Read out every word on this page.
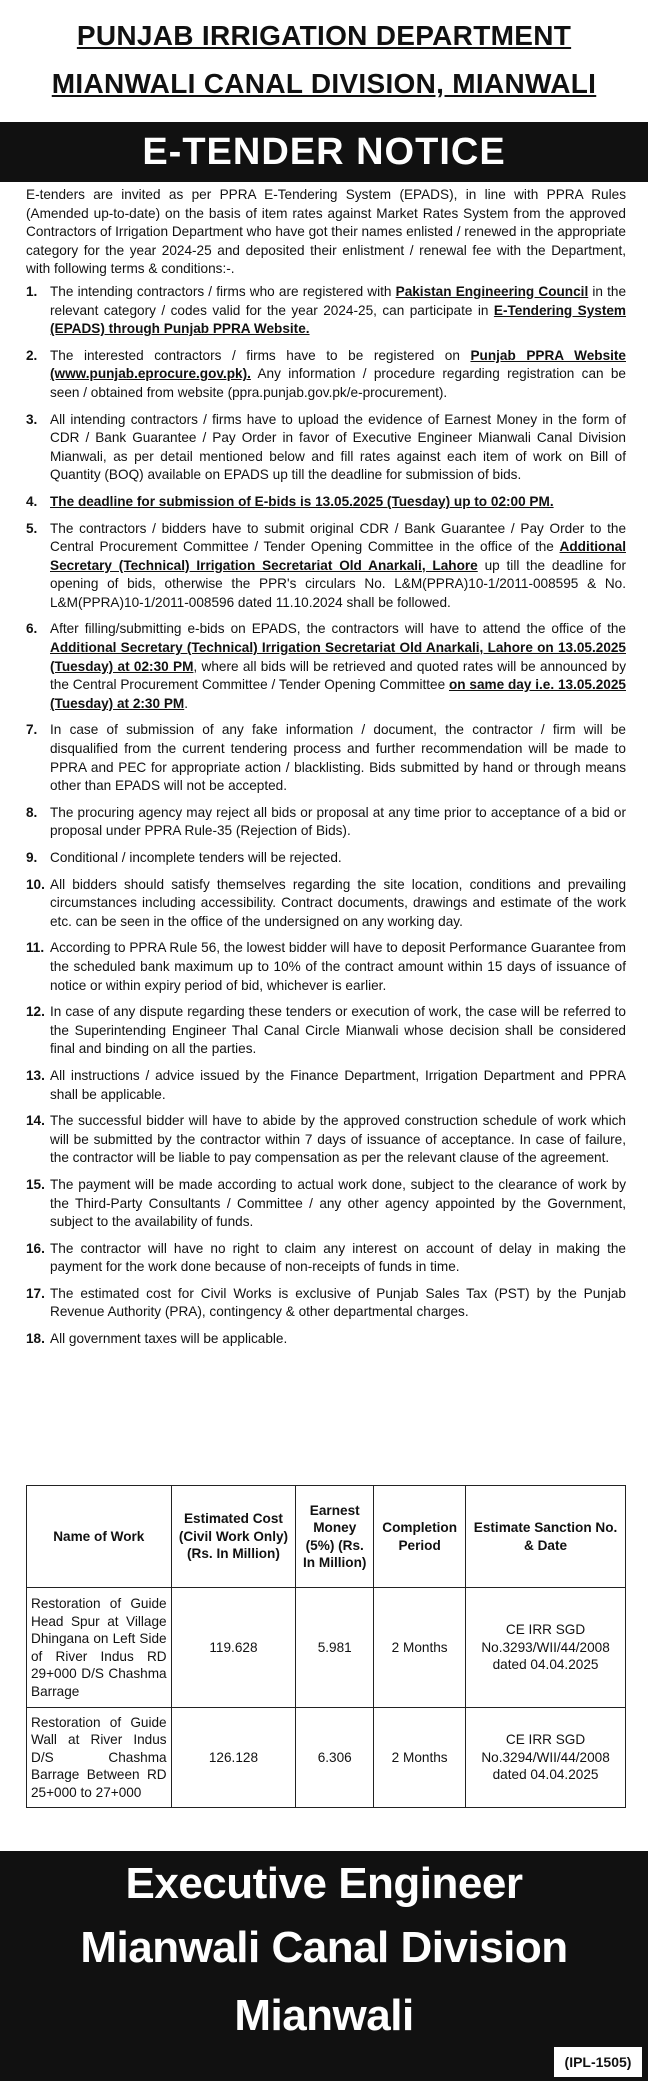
PUNJAB IRRIGATION DEPARTMENT
MIANWALI CANAL DIVISION, MIANWALI
E-TENDER NOTICE

E-tenders are invited as per PPRA E-Tendering System (EPADS), in line with PPRA Rules (Amended up-to-date) on the basis of item rates against Market Rates System from the approved Contractors of Irrigation Department who have got their names enlisted / renewed in the appropriate category for the year 2024-25 and deposited their enlistment / renewal fee with the Department, with following terms & conditions:-.

1. The intending contractors / firms who are registered with Pakistan Engineering Council in the relevant category / codes valid for the year 2024-25, can participate in E-Tendering System (EPADS) through Punjab PPRA Website.
2. The interested contractors / firms have to be registered on Punjab PPRA Website (www.punjab.eprocure.gov.pk). Any information / procedure regarding registration can be seen / obtained from website (ppra.punjab.gov.pk/e-procurement).
3. All intending contractors / firms have to upload the evidence of Earnest Money in the form of CDR / Bank Guarantee / Pay Order in favor of Executive Engineer Mianwali Canal Division Mianwali, as per detail mentioned below and fill rates against each item of work on Bill of Quantity (BOQ) available on EPADS up till the deadline for submission of bids.
4. The deadline for submission of E-bids is 13.05.2025 (Tuesday) up to 02:00 PM.
5. The contractors / bidders have to submit original CDR / Bank Guarantee / Pay Order to the Central Procurement Committee / Tender Opening Committee in the office of the Additional Secretary (Technical) Irrigation Secretariat Old Anarkali, Lahore up till the deadline for opening of bids, otherwise the PPR's circulars No. L&M(PPRA)10-1/2011-008595 & No. L&M(PPRA)10-1/2011-008596 dated 11.10.2024 shall be followed.
6. After filling/submitting e-bids on EPADS, the contractors will have to attend the office of the Additional Secretary (Technical) Irrigation Secretariat Old Anarkali, Lahore on 13.05.2025 (Tuesday) at 02:30 PM, where all bids will be retrieved and quoted rates will be announced by the Central Procurement Committee / Tender Opening Committee on same day i.e. 13.05.2025 (Tuesday) at 2:30 PM.
7. In case of submission of any fake information / document, the contractor / firm will be disqualified from the current tendering process and further recommendation will be made to PPRA and PEC for appropriate action / blacklisting. Bids submitted by hand or through means other than EPADS will not be accepted.
8. The procuring agency may reject all bids or proposal at any time prior to acceptance of a bid or proposal under PPRA Rule-35 (Rejection of Bids).
9. Conditional / incomplete tenders will be rejected.
10. All bidders should satisfy themselves regarding the site location, conditions and prevailing circumstances including accessibility. Contract documents, drawings and estimate of the work etc. can be seen in the office of the undersigned on any working day.
11. According to PPRA Rule 56, the lowest bidder will have to deposit Performance Guarantee from the scheduled bank maximum up to 10% of the contract amount within 15 days of issuance of notice or within expiry period of bid, whichever is earlier.
12. In case of any dispute regarding these tenders or execution of work, the case will be referred to the Superintending Engineer Thal Canal Circle Mianwali whose decision shall be considered final and binding on all the parties.
13. All instructions / advice issued by the Finance Department, Irrigation Department and PPRA shall be applicable.
14. The successful bidder will have to abide by the approved construction schedule of work which will be submitted by the contractor within 7 days of issuance of acceptance. In case of failure, the contractor will be liable to pay compensation as per the relevant clause of the agreement.
15. The payment will be made according to actual work done, subject to the clearance of work by the Third-Party Consultants / Committee / any other agency appointed by the Government, subject to the availability of funds.
16. The contractor will have no right to claim any interest on account of delay in making the payment for the work done because of non-receipts of funds in time.
17. The estimated cost for Civil Works is exclusive of Punjab Sales Tax (PST) by the Punjab Revenue Authority (PRA), contingency & other departmental charges.
18. All government taxes will be applicable.
Name of Work	Estimated Cost (Civil Work Only) (Rs. In Million)	Earnest Money (5%) (Rs. In Million)	Completion Period	Estimate Sanction No. & Date
Restoration of Guide Head Spur at Village Dhingana on Left Side of River Indus RD 29+000 D/S Chashma Barrage	119.628	5.981	2 Months	CE IRR SGD No.3293/WII/44/2008 dated 04.04.2025
Restoration of Guide Wall at River Indus D/S Chashma Barrage Between RD 25+000 to 27+000	126.128	6.306	2 Months	CE IRR SGD No.3294/WII/44/2008 dated 04.04.2025
Executive Engineer
Mianwali Canal Division
Mianwali
(IPL-1505)
